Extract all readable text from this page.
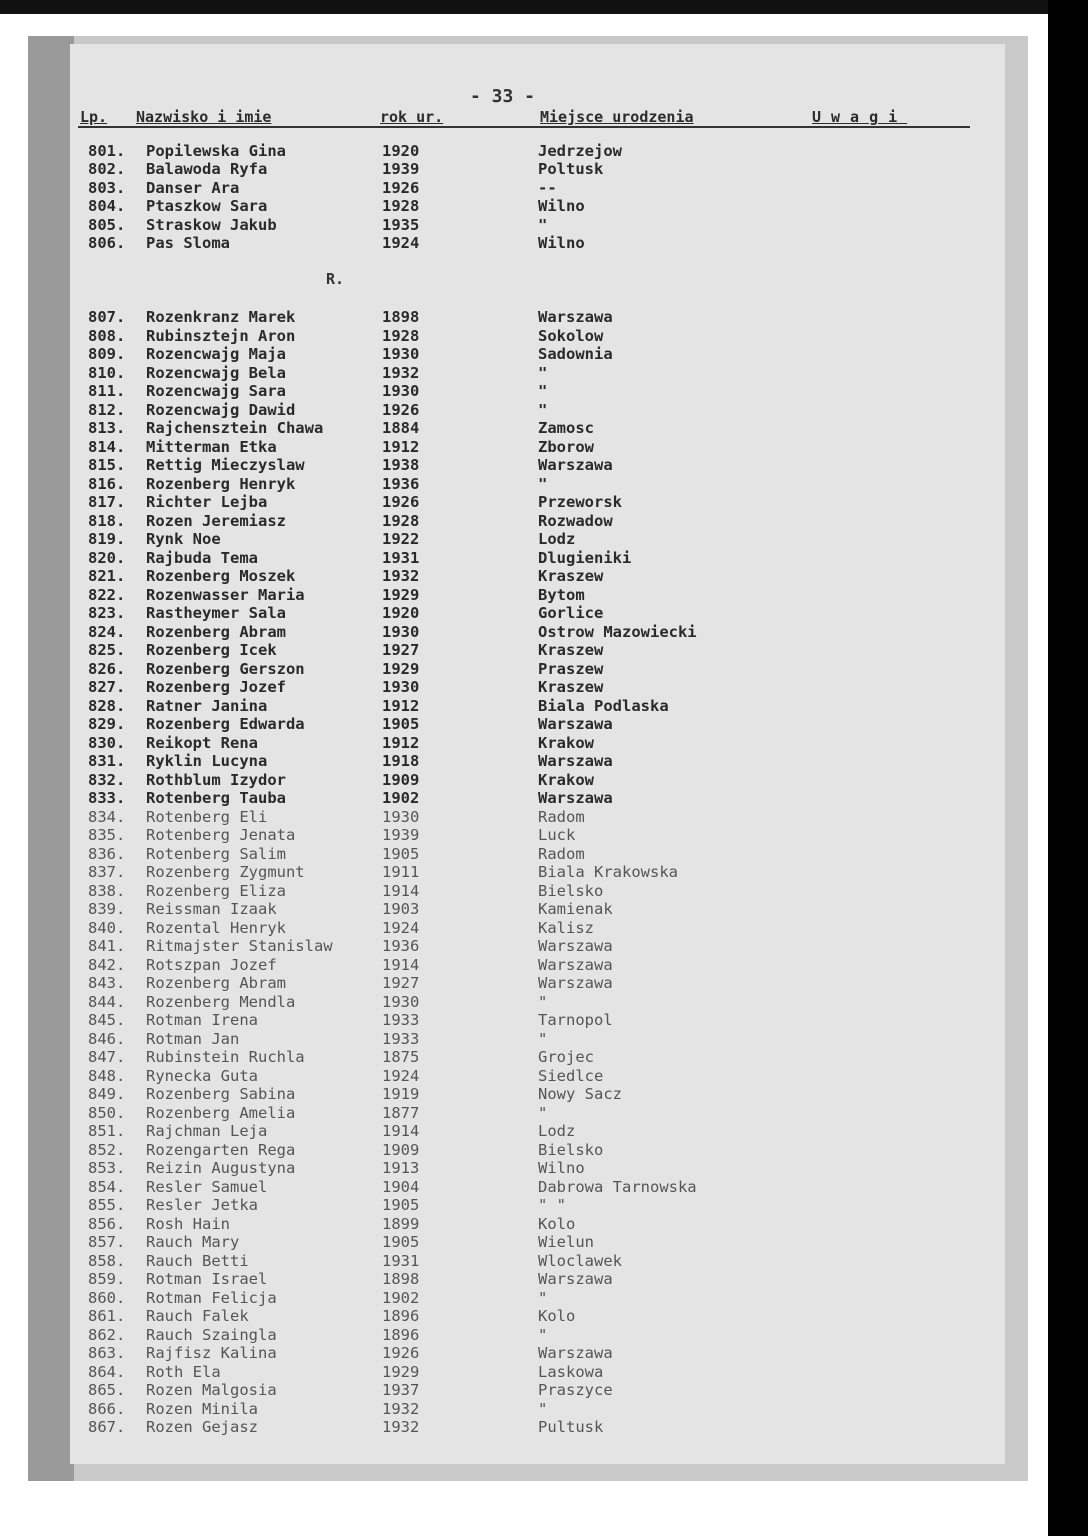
- 33 -
Lp. Nazwisko i imie	rok ur.	Miejsce urodzenia	Uwagi
R.
801. Popilewska Gina	1920	Jedrzejow
802. Balawoda Ryfa	1939	Poltusk
803. Danser Ara	1926	--
804. Ptaszkow Sara	1928	Wilno
805. Straskow Jakub	1935	"
806. Pas Sloma	1924	Wilno
807. Rozenkranz Marek	1898	Warszawa
808. Rubinsztejn Aron	1928	Sokolow
809. Rozencwajg Maja	1930	Sadownia
810. Rozencwajg Bela	1932	"
811. Rozencwajg Sara	1930	"
812. Rozencwajg Dawid	1926	"
813. Rajchensztein Chawa	1884	Zamosc
814. Mitterman Etka	1912	Zborow
815. Rettig Mieczyslaw	1938	Warszawa
816. Rozenberg Henryk	1936	"
817. Richter Lejba	1926	Przeworsk
818. Rozen Jeremiasz	1928	Rozwadow
819. Rynk Noe	1922	Lodz
820. Rajbuda Tema	1931	Dlugieniki
821. Rozenberg Moszek	1932	Kraszew
822. Rozenwasser Maria	1929	Bytom
823. Rastheymer Sala	1920	Gorlice
824. Rozenberg Abram	1930	Ostrow Mazowiecki
825. Rozenberg Icek	1927	Kraszew
826. Rozenberg Gerszon	1929	Praszew
827. Rozenberg Jozef	1930	Kraszew
828. Ratner Janina	1912	Biala Podlaska
829. Rozenberg Edwarda	1905	Warszawa
830. Reikopt Rena	1912	Krakow
831. Ryklin Lucyna	1918	Warszawa
832. Rothblum Izydor	1909	Krakow
833. Rotenberg Tauba	1902	Warszawa
834. Rotenberg Eli	1930	Radom
835. Rotenberg Jenata	1939	Luck
836. Rotenberg Salim	1905	Radom
837. Rozenberg Zygmunt	1911	Biala Krakowska
838. Rozenberg Eliza	1914	Bielsko
839. Reissman Izaak	1903	Kamienak
840. Rozental Henryk	1924	Kalisz
841. Ritmajster Stanislaw	1936	Warszawa
842. Rotszpan Jozef	1914	Warszawa
843. Rozenberg Abram	1927	Warszawa
844. Rozenberg Mendla	1930	"
845. Rotman Irena	1933	Tarnopol
846. Rotman Jan	1933	"
847. Rubinstein Ruchla	1875	Grojec
848. Rynecka Guta	1924	Siedlce
849. Rozenberg Sabina	1919	Nowy Sacz
850. Rozenberg Amelia	1877	"
851. Rajchman Leja	1914	Lodz
852. Rozengarten Rega	1909	Bielsko
853. Reizin Augustyna	1913	Wilno
854. Resler Samuel	1904	Dabrowa Tarnowska
855. Resler Jetka	1905	" "
856. Rosh Hain	1899	Kolo
857. Rauch Mary	1905	Wielun
858. Rauch Betti	1931	Wloclawek
859. Rotman Israel	1898	Warszawa
860. Rotman Felicja	1902	"
861. Rauch Falek	1896	Kolo
862. Rauch Szaingla	1896	"
863. Rajfisz Kalina	1926	Warszawa
864. Roth Ela	1929	Laskowa
865. Rozen Malgosia	1937	Praszyce
866. Rozen Minila	1932	"
867. Rozen Gejasz	1932	Pultusk
